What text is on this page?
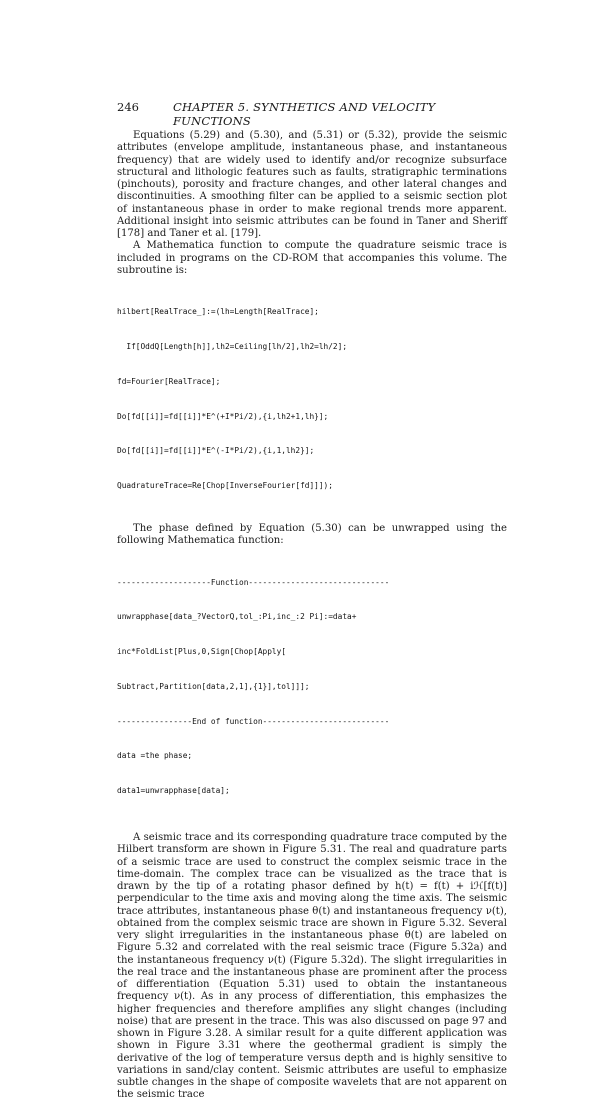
246	CHAPTER 5. SYNTHETICS AND VELOCITY FUNCTIONS

Equations (5.29) and (5.30), and (5.31) or (5.32), provide the seismic attributes (envelope amplitude, instantaneous phase, and instantaneous frequency) that are widely used to identify and/or recognize subsurface structural and lithologic features such as faults, stratigraphic terminations (pinchouts), porosity and fracture changes, and other lateral changes and discontinuities. A smoothing filter can be applied to a seismic section plot of instantaneous phase in order to make regional trends more apparent. Additional insight into seismic attributes can be found in Taner and Sheriff [178] and Taner et al. [179].

A Mathematica function to compute the quadrature seismic trace is included in programs on the CD-ROM that accompanies this volume. The subroutine is:

hilbert[RealTrace_]:=(lh=Length[RealTrace];

If[OddQ[Length[h]],lh2=Ceiling[lh/2],lh2=lh/2];

fd=Fourier[RealTrace];

Do[fd[[i]]=fd[[i]]*E^(+I*Pi/2),{i,lh2+1,lh}];

Do[fd[[i]]=fd[[i]]*E^(-I*Pi/2),{i,1,lh2}];

QuadratureTrace=Re[Chop[InverseFourier[fd]]]);

The phase defined by Equation (5.30) can be unwrapped using the following Mathematica function:

--------------------Function------------------------------

unwrapphase[data_?VectorQ,tol_:Pi,inc_:2 Pi]:=data+

inc*FoldList[Plus,0,Sign[Chop[Apply[

Subtract,Partition[data,2,1],{1}],tol]]];

----------------End of function---------------------------

data =the phase;

data1=unwrapphase[data];

A seismic trace and its corresponding quadrature trace computed by the Hilbert transform are shown in Figure 5.31. The real and quadrature parts of a seismic trace are used to construct the complex seismic trace in the time-domain. The complex trace can be visualized as the trace that is drawn by the tip of a rotating phasor defined by h(t) = f(t) + iℋ[f(t)] perpendicular to the time axis and moving along the time axis. The seismic trace attributes, instantaneous phase θ(t) and instantaneous frequency ν(t), obtained from the complex seismic trace are shown in Figure 5.32. Several very slight irregularities in the instantaneous phase θ(t) are labeled on Figure 5.32 and correlated with the real seismic trace (Figure 5.32a) and the instantaneous frequency ν(t) (Figure 5.32d). The slight irregularities in the real trace and the instantaneous phase are prominent after the process of differentiation (Equation 5.31) used to obtain the instantaneous frequency ν(t). As in any process of differentiation, this emphasizes the higher frequencies and therefore amplifies any slight changes (including noise) that are present in the trace. This was also discussed on page 97 and shown in Figure 3.28. A similar result for a quite different application was shown in Figure 3.31 where the geothermal gradient is simply the derivative of the log of temperature versus depth and is highly sensitive to variations in sand/clay content. Seismic attributes are useful to emphasize subtle changes in the shape of composite wavelets that are not apparent on the seismic trace
